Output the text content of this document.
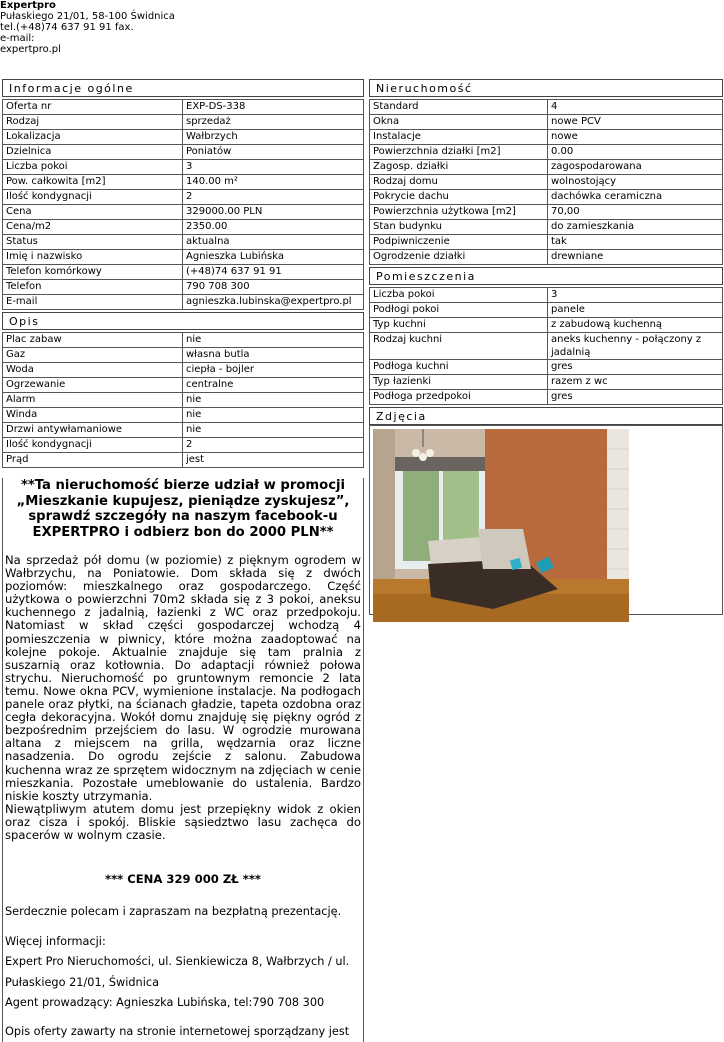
Expertpro
Pułaskiego 21/01, 58-100 Świdnica
tel.(+48)74 637 91 91 fax.
e-mail:
expertpro.pl
Informacje ogólne
Oferta nr	EXP-DS-338
Rodzaj	sprzedaż
Lokalizacja	Wałbrzych
Dzielnica	Poniatów
Liczba pokoi	3
Pow. całkowita [m2]	140.00 m²
Ilość kondygnacji	2
Cena	329000.00 PLN
Cena/m2	2350.00
Status	aktualna
Imię i nazwisko	Agnieszka Lubińska
Telefon komórkowy	(+48)74 637 91 91
Telefon	790 708 300
E-mail	agnieszka.lubinska@expertpro.pl
Opis
Plac zabaw	nie
Gaz	własna butla
Woda	ciepła - bojler
Ogrzewanie	centralne
Alarm	nie
Winda	nie
Drzwi antywłamaniowe	nie
Ilość kondygnacji	2
Prąd	jest
**Ta nieruchomość bierze udział w promocji „Mieszkanie kupujesz, pieniądze zyskujesz”, sprawdź szczegóły na naszym facebook-u EXPERTPRO i odbierz bon do 2000 PLN**

Na sprzedaż pół domu (w poziomie) z pięknym ogrodem w Wałbrzychu, na Poniatowie. Dom składa się z dwóch poziomów: mieszkalnego oraz gospodarczego. Część użytkowa o powierzchni 70m2 składa się z 3 pokoi, aneksu kuchennego z jadalnią, łazienki z WC oraz przedpokoju. Natomiast w skład części gospodarczej wchodzą 4 pomieszczenia w piwnicy, które można zaadoptować na kolejne pokoje. Aktualnie znajduje się tam pralnia z suszarnią oraz kotłownia. Do adaptacji również połowa strychu. Nieruchomość po gruntownym remoncie 2 lata temu. Nowe okna PCV, wymienione instalacje. Na podłogach panele oraz płytki, na ścianach gładzie, tapeta ozdobna oraz cegła dekoracyjna. Wokół domu znajduję się piękny ogród z bezpośrednim przejściem do lasu. W ogrodzie murowana altana z miejscem na grilla, wędzarnia oraz liczne nasadzenia. Do ogrodu zejście z salonu. Zabudowa kuchenna wraz ze sprzętem widocznym na zdjęciach w cenie mieszkania. Pozostałe umeblowanie do ustalenia. Bardzo niskie koszty utrzymania.
Niewątpliwym atutem domu jest przepiękny widok z okien oraz cisza i spokój. Bliskie sąsiedztwo lasu zachęca do spacerów w wolnym czasie.

*** CENA 329 000 ZŁ ***

Serdecznie polecam i zapraszam na bezpłatną prezentację.

Więcej informacji:

Expert Pro Nieruchomości, ul. Sienkiewicza 8, Wałbrzych / ul.

Pułaskiego 21/01, Świdnica

Agent prowadzący: Agnieszka Lubińska, tel:790 708 300

Opis oferty zawarty na stronie internetowej sporządzany jest

Nieruchomość
Standard	4
Okna	nowe PCV
Instalacje	nowe
Powierzchnia działki [m2]	0.00
Zagosp. działki	zagospodarowana
Rodzaj domu	wolnostojący
Pokrycie dachu	dachówka ceramiczna
Powierzchnia użytkowa [m2]	70,00
Stan budynku	do zamieszkania
Podpiwniczenie	tak
Ogrodzenie działki	drewniane
Pomieszczenia
Liczba pokoi	3
Podłogi pokoi	panele
Typ kuchni	z zabudową kuchenną
Rodzaj kuchni	aneks kuchenny - połączony z jadalnią
Podłoga kuchni	gres
Typ łazienki	razem z wc
Podłoga przedpokoi	gres
Zdjęcia
